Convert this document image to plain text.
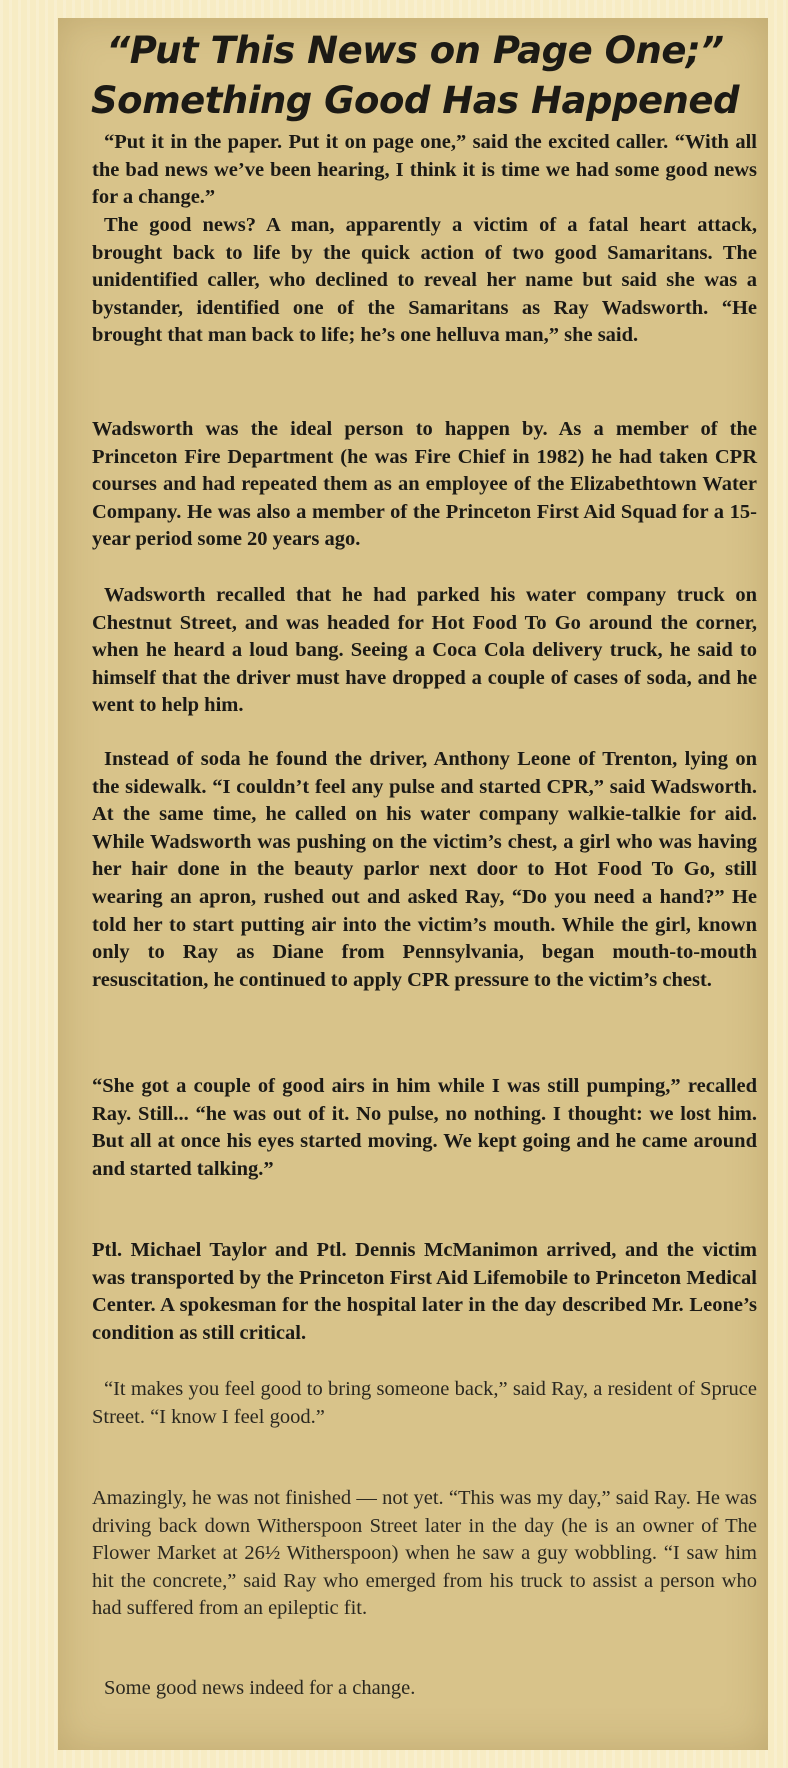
“Put This News on Page One;”
Something Good Has Happened
“Put it in the paper. Put it on page one,” said the excited caller. “With all the bad news we’ve been hearing, I think it is time we had some good news for a change.”
The good news? A man, apparently a victim of a fatal heart attack, brought back to life by the quick action of two good Samaritans. The unidentified caller, who declined to reveal her name but said she was a bystander, identified one of the Samaritans as Ray Wadsworth. “He brought that man back to life; he’s one helluva man,” she said.
Wadsworth was the ideal person to happen by. As a member of the Princeton Fire Department (he was Fire Chief in 1982) he had taken CPR courses and had repeated them as an employee of the Elizabethtown Water Company. He was also a member of the Princeton First Aid Squad for a 15-year period some 20 years ago.
Wadsworth recalled that he had parked his water company truck on Chestnut Street, and was headed for Hot Food To Go around the corner, when he heard a loud bang. Seeing a Coca Cola delivery truck, he said to himself that the driver must have dropped a couple of cases of soda, and he went to help him.
Instead of soda he found the driver, Anthony Leone of Trenton, lying on the sidewalk. “I couldn’t feel any pulse and started CPR,” said Wadsworth. At the same time, he called on his water company walkie-talkie for aid. While Wadsworth was pushing on the victim’s chest, a girl who was having her hair done in the beauty parlor next door to Hot Food To Go, still wearing an apron, rushed out and asked Ray, “Do you need a hand?” He told her to start putting air into the victim’s mouth. While the girl, known only to Ray as Diane from Pennsylvania, began mouth-to-mouth resuscitation, he continued to apply CPR pressure to the victim’s chest.
“She got a couple of good airs in him while I was still pumping,” recalled Ray. Still... “he was out of it. No pulse, no nothing. I thought: we lost him. But all at once his eyes started moving. We kept going and he came around and started talking.”
Ptl. Michael Taylor and Ptl. Dennis McManimon arrived, and the victim was transported by the Princeton First Aid Lifemobile to Princeton Medical Center. A spokesman for the hospital later in the day described Mr. Leone’s condition as still critical.
“It makes you feel good to bring someone back,” said Ray, a resident of Spruce Street. “I know I feel good.”
Amazingly, he was not finished — not yet. “This was my day,” said Ray. He was driving back down Witherspoon Street later in the day (he is an owner of The Flower Market at 26½ Witherspoon) when he saw a guy wobbling. “I saw him hit the concrete,” said Ray who emerged from his truck to assist a person who had suffered from an epileptic fit.
Some good news indeed for a change.
